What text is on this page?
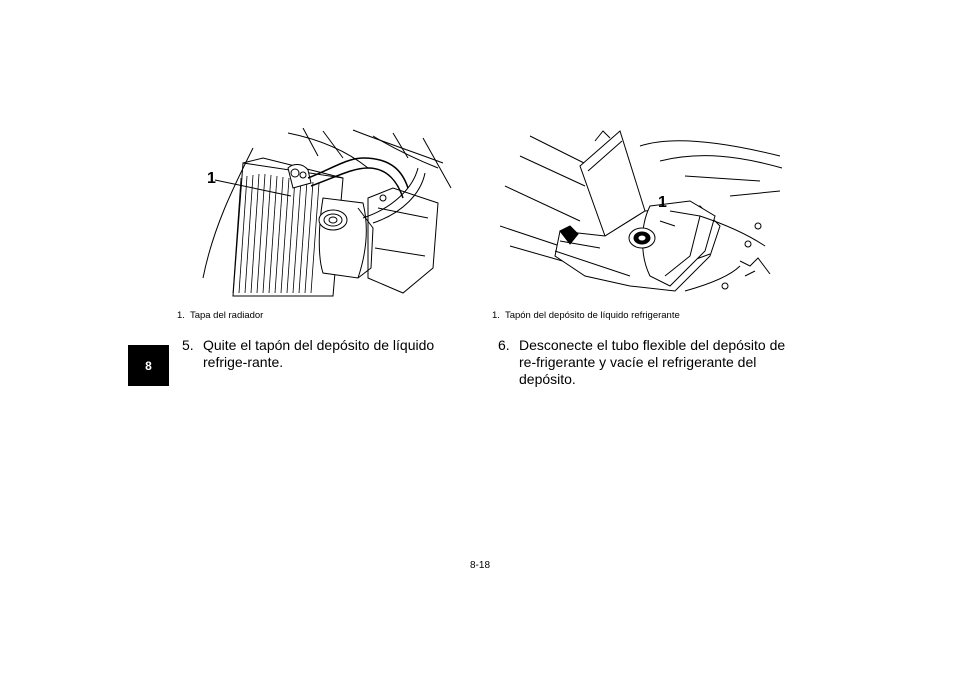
8
1
1
1. Tapa del radiador	1. Tapón del depósito de líquido refrigerante
5. Quite el tapón del depósito de líquido refrige-rante.
6. Desconecte el tubo flexible del depósito de re-frigerante y vacíe el refrigerante del depósito.
8-18
